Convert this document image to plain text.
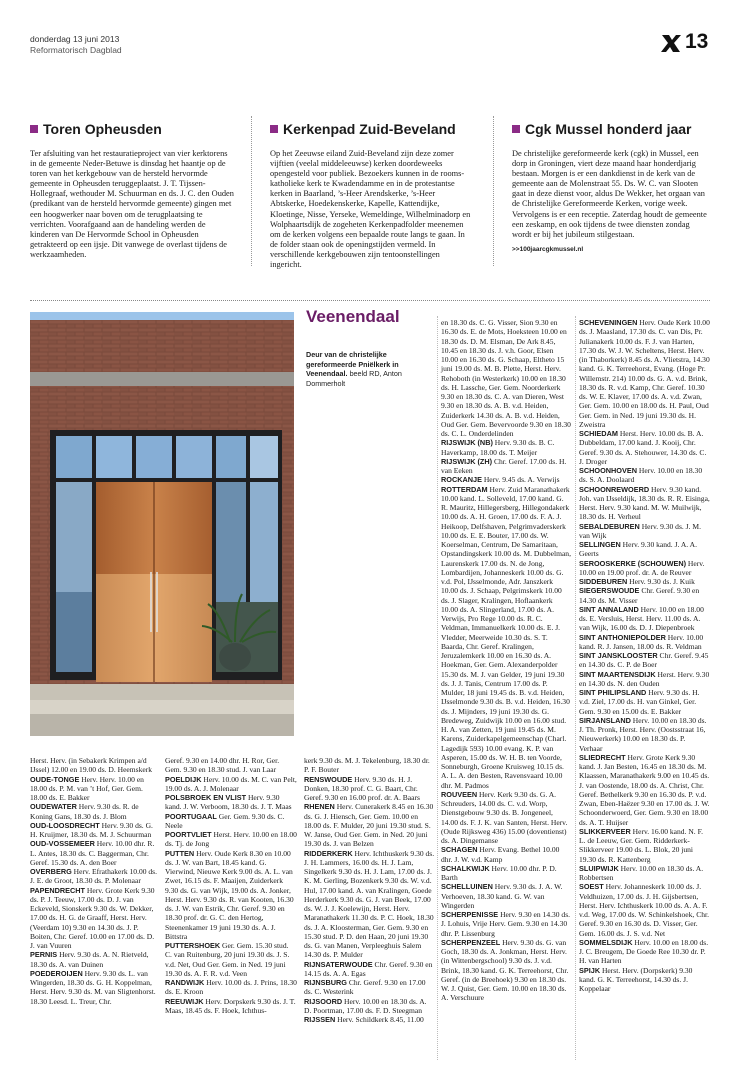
donderdag 13 juni 2013
Reformatorisch Dagblad	13
Toren Opheusden

Ter afsluiting van het restauratieproject van vier kerktorens in de gemeente Neder-Betuwe is dinsdag het haantje op de toren van het kerkgebouw van de hersteld hervormde gemeente in Opheusden teruggeplaatst. J. T. Tijssen-Hollegraaf, wethouder M. Schuurman en ds. J. C. den Ouden (predikant van de hersteld hervormde gemeente) gingen met een hoogwerker naar boven om de terugplaatsing te verrichten. Voorafgaand aan de handeling werden de kinderen van De Hervormde School in Opheusden getrakteerd op een ijsje. Dit vanwege de overlast tijdens de werkzaamheden.

Kerkenpad Zuid-Beveland

Op het Zeeuwse eiland Zuid-Beveland zijn deze zomer vijftien (veelal middeleeuwse) kerken doordeweeks opengesteld voor publiek. Bezoekers kunnen in de rooms-katholieke kerk te Kwadendamme en in de protestantse kerken in Baarland, ’s-Heer Arendskerke, ’s-Heer Abtskerke, Hoedekenskerke, Kapelle, Kattendijke, Kloetinge, Nisse, Yerseke, Wemeldinge, Wilhelminadorp en Wolphaartsdijk de zogeheten Kerkenpadfolder meenemen om de kerken volgens een bepaalde route langs te gaan. In de folder staan ook de openingstijden vermeld. In verschillende kerkgebouwen zijn tentoonstellingen ingericht.

Cgk Mussel honderd jaar

De christelijke gereformeerde kerk (cgk) in Mussel, een dorp in Groningen, viert deze maand haar honderdjarig bestaan. Morgen is er een dankdienst in de kerk van de gemeente aan de Molenstraat 55. Ds. W. C. van Slooten gaat in deze dienst voor, aldus De Wekker, het orgaan van de Christelijke Gereformeerde Kerken, vorige week. Vervolgens is er een receptie. Zaterdag houdt de gemeente een zeskamp, en ook tijdens de twee diensten zondag wordt er bij het jubileum stilgestaan.

>>100jaarcgkmussel.nl
Veenendaal
Deur van de christelijke gereformeerde Pniëlkerk in Veenendaal. beeld RD, Anton Dommerholt
Herst. Herv. (in Sebakerk Krimpen a/d IJssel) 12.00 en 19.00 ds. D. Heemskerk
OUDE-TONGE Herv. Herv. 10.00 en 18.00 ds. P. M. van ’t Hof, Ger. Gem. 18.00 ds. E. Bakker
OUDEWATER Herv. 9.30 ds. R. de Koning Gans, 18.30 ds. J. Blom
OUD-LOOSDRECHT Herv. 9.30 ds. G. H. Kruijmer, 18.30 ds. M. J. Schuurman
OUD-VOSSEMEER Herv. 10.00 dhr. R. L. Antes, 18.30 ds. C. Baggerman, Chr. Geref. 15.30 ds. A. den Boer
OVERBERG Herv. Efrathakerk 10.00 ds. J. E. de Groot, 18.30 ds. P. Molenaar
PAPENDRECHT Herv. Grote Kerk 9.30 ds. P. J. Teeuw, 17.00 ds. D. J. van Eckeveld, Sionskerk 9.30 ds. W. Dekker, 17.00 ds. H. G. de Graaff, Herst. Herv. (Veerdam 10) 9.30 en 14.30 ds. J. P. Boiten, Chr. Geref. 10.00 en 17.00 ds. D. J. van Vuuren
PERNIS Herv. 9.30 ds. A. N. Rietveld, 18.30 ds. A. van Duinen
POEDEROIJEN Herv. 9.30 ds. L. van Wingerden, 18.30 ds. G. H. Koppelman, Herst. Herv. 9.30 ds. M. van Sligtenhorst. 18.30 Leesd. L. Treur, Chr.
Geref. 9.30 en 14.00 dhr. H. Ror, Ger. Gem. 9.30 en 18.30 stud. J. van Laar
POELDIJK Herv. 10.00 ds. M. C. van Pelt, 19.00 ds. A. J. Molenaar
POLSBROEK EN VLIST Herv. 9.30 kand. J. W. Verboom, 18.30 ds. J. T. Maas
POORTUGAAL Ger. Gem. 9.30 ds. C. Neele
POORTVLIET Herst. Herv. 10.00 en 18.00 ds. Tj. de Jong
PUTTEN Herv. Oude Kerk 8.30 en 10.00 ds. J. W. van Bart, 18.45 kand. G. Vierwind, Nieuwe Kerk 9.00 ds. A. L. van Zwet, 16.15 ds. F. Maaijen, Zuiderkerk 9.30 ds. G. van Wijk, 19.00 ds. A. Jonker, Herst. Herv. 9.30 ds. R. van Kooten, 16.30 ds. J. W. van Estrik, Chr. Geref. 9.30 en 18.30 prof. dr. G. C. den Hertog, Steenenkamer 19 juni 19.30 ds. A. J. Bittstra
PUTTERSHOEK Ger. Gem. 15.30 stud. C. van Ruitenburg, 20 juni 19.30 ds. J. S. v.d. Net, Oud Ger. Gem. in Ned. 19 juni 19.30 ds. A. F. R. v.d. Veen
RANDWIJK Herv. 10.00 ds. J. Prins, 18.30 ds. E. Kroon
REEUWIJK Herv. Dorpskerk 9.30 ds. J. T. Maas, 18.45 ds. F. Hoek, Ichthus-
kerk 9.30 ds. M. J. Tekelenburg, 18.30 dr. P. F. Bouter
RENSWOUDE Herv. 9.30 ds. H. J. Donken, 18.30 prof. C. G. Baart, Chr. Geref. 9.30 en 16.00 prof. dr. A. Baars
RHENEN Herv. Cunerakerk 8.45 en 16.30 ds. G. J. Hiensch, Ger. Gem. 10.00 en 18.00 ds. F. Mulder, 20 juni 19.30 stud. S. W. Janse, Oud Ger. Gem. in Ned. 20 juni 19.30 ds. J. van Belzen
RIDDERKERK Herv. Ichthuskerk 9.30 ds. J. H. Lammers, 16.00 ds. H. J. Lam, Singelkerk 9.30 ds. H. J. Lam, 17.00 ds. J. K. M. Gerling, Bozenkerk 9.30 ds. W. v.d. Hul, 17.00 kand. A. van Kralingen, Goede Herderkerk 9.30 ds. G. J. van Beek, 17.00 ds. W. J. J. Koelewijn, Herst. Herv. Maranathakerk 11.30 ds. P. C. Hoek, 18.30 ds. J. A. Kloosterman, Ger. Gem. 9.30 en 15.30 stud. P. D. den Haan, 20 juni 19.30 ds. G. van Manen, Verpleeghuis Salem 14.30 ds. P. Mulder
RIJNSATERWOUDE Chr. Geref. 9.30 en 14.15 ds. A. A. Egas
RIJNSBURG Chr. Geref. 9.30 en 17.00 ds. C. Westerink
RIJSOORD Herv. 10.00 en 18.30 ds. A. D. Poortman, 17.00 ds. F. D. Steegman
RIJSSEN Herv. Schildkerk 8.45, 11.00
en 18.30 ds. C. G. Visser, Sion 9.30 en 16.30 ds. E. de Mots, Hoeksteen 10.00 en 18.30 ds. D. M. Elsman, De Ark 8.45, 10.45 en 18.30 ds. J. v.h. Goor, Elsen 10.00 en 16.30 ds. G. Schaap, Eltheto 15 juni 19.00 ds. M. B. Plette, Herst. Herv. Rehoboth (in Westerkerk) 10.00 en 18.30 ds. H. Lassche, Ger. Gem. Noorderkerk 9.30 en 18.30 ds. C. A. van Dieren, West 9.30 en 18.30 ds. A. B. v.d. Heiden, Zuiderkerk 14.30 ds. A. B. v.d. Heiden, Oud Ger. Gem. Bevervoorde 9.30 en 18.30 ds. C. L. Onderdelinden
RIJSWIJK (NB) Herv. 9.30 ds. B. C. Haverkamp, 18.00 ds. T. Meijer
RIJSWIJK (ZH) Chr. Geref. 17.00 ds. H. van Eeken
ROCKANJE Herv. 9.45 ds. A. Verwijs
ROTTERDAM Herv. Zuid Maranathakerk 10.00 kand. L. Solleveld, 17.00 kand. G. R. Mauritz, Hillegersberg, Hillegondakerk 10.00 ds. A. H. Groen, 17.00 ds. F. A. J. Heikoop, Delfshaven, Pelgrimvaderskerk 10.00 ds. E. E. Bouter, 17.00 ds. W. Koerselman, Centrum, De Samaritaan, Opstandingskerk 10.00 ds. M. Dubbelman, Laurenskerk 17.00 ds. N. de Jong, Lombardijen, Johanneskerk 10.00 ds. G. v.d. Pol, IJsselmonde, Adr. Janszkerk 10.00 ds. J. Schaap, Pelgrimskerk 10.00 ds. J. Slager, Kralingen, Hoflaankerk 10.00 ds. A. Slingerland, 17.00 ds. A. Verwijs, Pro Rege 10.00 ds. R. C. Veldman, Immanuelkerk 10.00 ds. E. J. Vledder, Meerweide 10.30 ds. S. T. Baarda, Chr. Geref. Kralingen, Jeruzalemkerk 10.00 en 16.30 ds. A. Hoekman, Ger. Gem. Alexanderpolder 15.30 ds. M. J. van Gelder, 19 juni 19.30 ds. J. J. Tanis, Centrum 17.00 ds. P. Mulder, 18 juni 19.45 ds. B. v.d. Heiden, IJsselmonde 9.30 ds. B. v.d. Heiden, 16.30 ds. J. Mijnders, 19 juni 19.30 ds. G. Bredeweg, Zuidwijk 10.00 en 16.00 stud. H. A. van Zetten, 19 juni 19.45 ds. M. Karens, Zuiderkapelgemeenschap (Charl. Lagedijk 593) 10.00 evang. K. P. van Asperen, 15.00 ds. W. H. B. ten Voorde, Sonneburgh, Groene Kruisweg 10.15 ds. A. L. A. den Besten, Ravensvaard 10.00 dhr. M. Padmos
ROUVEEN Herv. Kerk 9.30 ds. G. A. Schreuders, 14.00 ds. C. v.d. Worp, Dienstgebouw 9.30 ds. B. Jongeneel, 14.00 ds. F. J. K. van Santen, Herst. Herv. (Oude Rijksweg 436) 15.00 (doventienst) ds. A. Dingemanse
SCHAGEN Herv. Evang. Bethel 10.00 dhr. J. W. v.d. Kamp
SCHALKWIJK Herv. 10.00 dhr. P. D. Barth
SCHELLUINEN Herv. 9.30 ds. J. A. W. Verhoeven, 18.30 kand. G. W. van Wingerden
SCHERPENISSE Herv. 9.30 en 14.30 ds. J. Lohuis, Vrije Herv. Gem. 9.30 en 14.30 dhr. P. Lissenburg
SCHERPENZEEL Herv. 9.30 ds. G. van Goch, 18.30 ds. A. Jonkman, Herst. Herv. (in Wittenbergschool) 9.30 ds. J. v.d. Brink, 18.30 kand. G. K. Terreehorst, Chr. Geref. (in de Breehoek) 9.30 en 18.30 ds. W. J. Quist, Ger. Gem. 10.00 en 18.30 ds. A. Verschuure
SCHEVENINGEN Herv. Oude Kerk 10.00 ds. J. Maasland, 17.30 ds. C. van Dis, Pr. Julianakerk 10.00 ds. F. J. van Harten, 17.30 ds. W. J. W. Scheltens, Herst. Herv. (in Thaborkerk) 8.45 ds. A. Vlietstra, 14.30 kand. G. K. Terreehorst, Evang. (Hoge Pr. Willemstr. 214) 10.00 ds. G. A. v.d. Brink, 18.30 ds. R. v.d. Kamp, Chr. Geref. 10.30 ds. W. E. Klaver, 17.00 ds. A. v.d. Zwan, Ger. Gem. 10.00 en 18.00 ds. H. Paul, Oud Ger. Gem. in Ned. 19 juni 19.30 ds. H. Zweistra
SCHIEDAM Herst. Herv. 10.00 ds. B. A. Dubbeldam, 17.00 kand. J. Kooij, Chr. Geref. 9.30 ds. A. Stehouwer, 14.30 ds. C. J. Droger
SCHOONHOVEN Herv. 10.00 en 18.30 ds. S. A. Doolaard
SCHOONREWOERD Herv. 9.30 kand. Joh. van IJsseldijk, 18.30 ds. R. R. Eisinga, Herst. Herv. 9.30 kand. M. W. Muilwijk, 18.30 ds. H. Verheul
SEBALDEBUREN Herv. 9.30 ds. J. M. van Wijk
SELLINGEN Herv. 9.30 kand. J. A. A. Geerts
SEROOSKERKE (SCHOUWEN) Herv. 10.00 en 19.00 prof. dr. A. de Reuver
SIDDEBUREN Herv. 9.30 ds. J. Kuik
SIEGERSWOUDE Chr. Geref. 9.30 en 14.30 ds. M. Visser
SINT ANNALAND Herv. 10.00 en 18.00 ds. E. Versluis, Herst. Herv. 11.00 ds. A. van Wijk, 16.00 ds. D. J. Diepenbroek
SINT ANTHONIEPOLDER Herv. 10.00 kand. R. J. Jansen, 18.00 ds. R. Veldman
SINT JANSKLOOSTER Chr. Geref. 9.45 en 14.30 ds. C. P. de Boer
SINT MAARTENSDIJK Herst. Herv. 9.30 en 14.30 ds. N. den Ouden
SINT PHILIPSLAND Herv. 9.30 ds. H. v.d. Ziel, 17.00 ds. H. van Ginkel, Ger. Gem. 9.30 en 15.00 ds. E. Bakker
SIRJANSLAND Herv. 10.00 en 18.30 ds. J. Th. Pronk, Herst. Herv. (Oostsstraat 16, Nieuwerkerk) 10.00 en 18.30 ds. P. Verhaar
SLIEDRECHT Herv. Grote Kerk 9.30 kand. J. Jan Besten, 16.45 en 18.30 ds. M. Klaassen, Maranathakerk 9.00 en 10.45 ds. J. van Oostende, 18.00 ds. A. Christ, Chr. Geref. Bethelkerk 9.30 en 16.30 ds. P. v.d. Zwan, Eben-Haëzer 9.30 en 17.00 ds. J. W. Schoonderwoerd, Ger. Gem. 9.30 en 18.00 ds. A. T. Huijser
SLIKKERVEER Herv. 16.00 kand. N. F. L. de Leeuw, Ger. Gem. Ridderkerk-Slikkerveer 19.00 ds. L. Blok, 20 juni 19.30 ds. R. Kattenberg
SLUIPWIJK Herv. 10.00 en 18.30 ds. A. Robbertsen
SOEST Herv. Johanneskerk 10.00 ds. J. Veldhuizen, 17.00 ds. J. H. Gijsbertsen, Herst. Herv. Ichthuskerk 10.00 ds. A. A. F. v.d. Weg, 17.00 ds. W. Schinkelshoek, Chr. Geref. 9.30 en 16.30 ds. D. Visser, Ger. Gem. 16.00 ds. J. S. v.d. Net
SOMMELSDIJK Herv. 10.00 en 18.00 ds. J. C. Breugem, De Goede Ree 10.30 dr. P. H. van Harten
SPIJK Herst. Herv. (Dorpskerk) 9.30 kand. G. K. Terreehorst, 14.30 ds. J. Koppelaar
